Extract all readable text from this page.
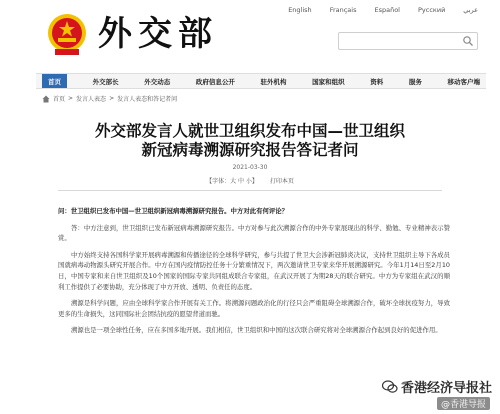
外交部
English	Français	Español	Русский	عربي
首页	外交部长	外交动态	政府信息公开	驻外机构	国家和组织	资料	服务	移动客户端
首页 > 发言人表态 > 发言人表态和答记者问
外交部发言人就世卫组织发布中国—世卫组织
新冠病毒溯源研究报告答记者问
2021-03-30
【字体：大 中 小】 打印本页

问：世卫组织已发布中国—世卫组织新冠病毒溯源研究报告。中方对此有何评论？

答：中方注意到，世卫组织已发布新冠病毒溯源研究报告。中方对参与此次溯源合作的中外专家展现出的科学、勤勉、专业精神表示赞赏。

中方始终支持各国科学家开展病毒溯源和传播途径的全球科学研究，参与共提了世卫大会涉新冠肺炎决议，支持世卫组织主导下各成员国就病毒动物源头研究开展合作。中方在国内疫情防控任务十分繁重情况下，两次邀请世卫专家来华开展溯源研究。今年1月14日至2月10日，中国专家和来自世卫组织及10个国家的国际专家共同组成联合专家组，在武汉开展了为期28天的联合研究。中方为专家组在武汉的顺利工作提供了必要协助，充分体现了中方开放、透明、负责任的态度。

溯源是科学问题，应由全球科学家合作开展有关工作。将溯源问题政治化的行径只会严重阻碍全球溯源合作，破坏全球抗疫努力，导致更多的生命损失，这同国际社会团结抗疫的愿望背道而驰。

溯源也是一项全球性任务，应在多国多地开展。我们相信，世卫组织和中国的这次联合研究将对全球溯源合作起到良好的促进作用。

香港经济导报社
@香港导报
